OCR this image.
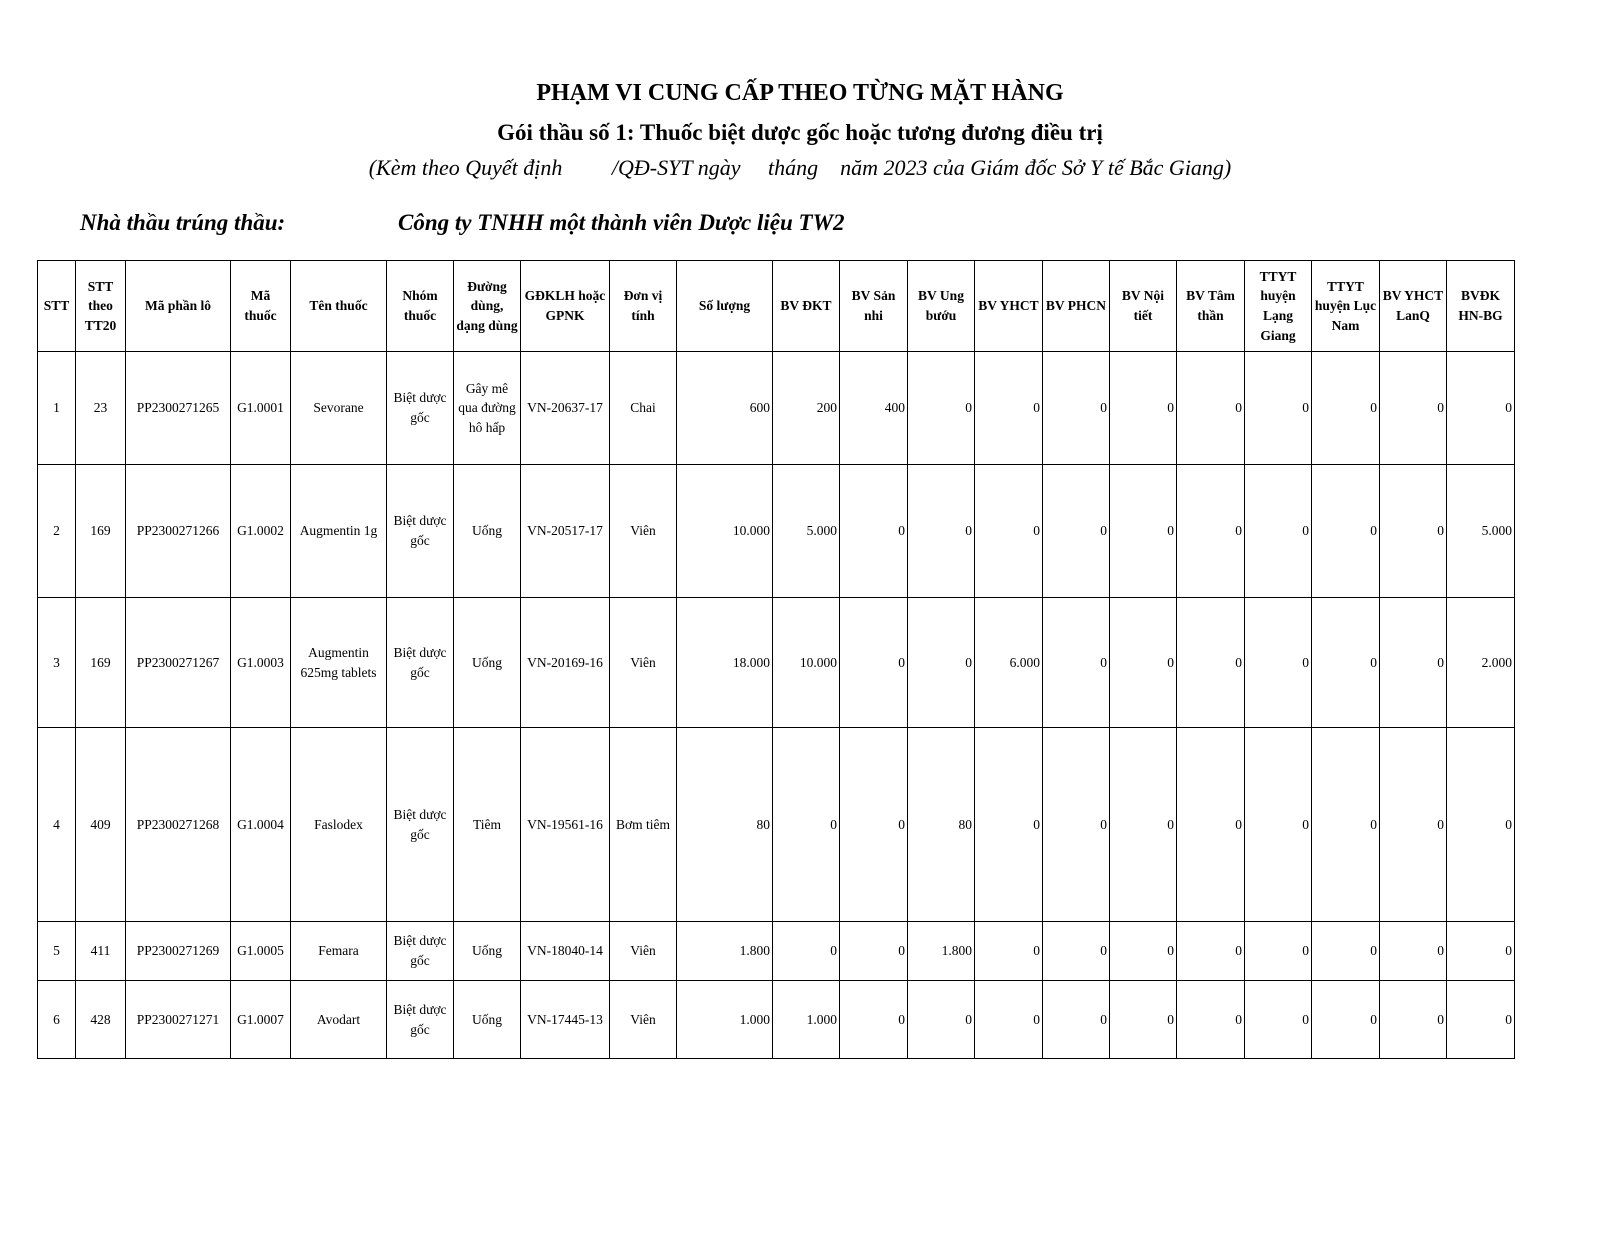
PHẠM VI CUNG CẤP THEO TỪNG MẶT HÀNG
Gói thầu số 1: Thuốc biệt dược gốc hoặc tương đương điều trị
(Kèm theo Quyết định         /QĐ-SYT ngày     tháng    năm 2023 của Giám đốc Sở Y tế Bắc Giang)
Nhà thầu trúng thầu:	Công ty TNHH một thành viên Dược liệu TW2
STT	STT theo TT20	Mã phần lô	Mã thuốc	Tên thuốc	Nhóm thuốc	Đường dùng, dạng dùng	GĐKLH hoặc GPNK	Đơn vị tính	Số lượng	BV ĐKT	BV Sản nhi	BV Ung bướu	BV YHCT	BV PHCN	BV Nội tiết	BV Tâm thần	TTYT huyện Lạng Giang	TTYT huyện Lục Nam	BV YHCT LanQ	BVĐK HN-BG
1	23	PP2300271265	G1.0001	Sevorane	Biệt dược gốc	Gây mê qua đường hô hấp	VN-20637-17	Chai	600	200	400	0	0	0	0	0	0	0	0	0
2	169	PP2300271266	G1.0002	Augmentin 1g	Biệt dược gốc	Uống	VN-20517-17	Viên	10.000	5.000	0	0	0	0	0	0	0	0	0	5.000
3	169	PP2300271267	G1.0003	Augmentin 625mg tablets	Biệt dược gốc	Uống	VN-20169-16	Viên	18.000	10.000	0	0	6.000	0	0	0	0	0	0	2.000
4	409	PP2300271268	G1.0004	Faslodex	Biệt dược gốc	Tiêm	VN-19561-16	Bơm tiêm	80	0	0	80	0	0	0	0	0	0	0	0
5	411	PP2300271269	G1.0005	Femara	Biệt dược gốc	Uống	VN-18040-14	Viên	1.800	0	0	1.800	0	0	0	0	0	0	0	0
6	428	PP2300271271	G1.0007	Avodart	Biệt dược gốc	Uống	VN-17445-13	Viên	1.000	1.000	0	0	0	0	0	0	0	0	0	0
